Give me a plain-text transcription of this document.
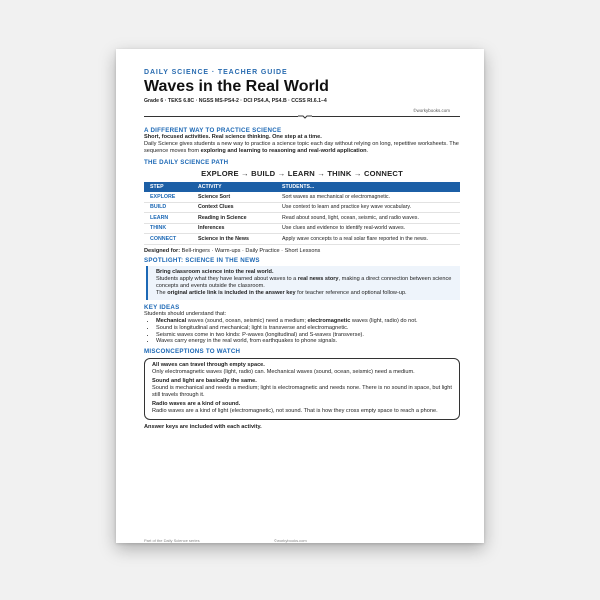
DAILY SCIENCE · TEACHER GUIDE
Waves in the Real World
Grade 6 · TEKS 6.8C · NGSS MS-PS4-2 · DCI PS4.A, PS4.B · CCSS RI.6.1–4
©workybooks.com

A DIFFERENT WAY TO PRACTICE SCIENCE

Short, focused activities. Real science thinking. One step at a time.

Daily Science gives students a new way to practice a science topic each day without relying on long, repetitive worksheets. The sequence moves from exploring and learning to reasoning and real-world application.

THE DAILY SCIENCE PATH

EXPLORE → BUILD → LEARN → THINK → CONNECT
STEP	ACTIVITY	STUDENTS...
EXPLORE	Science Sort	Sort waves as mechanical or electromagnetic.
BUILD	Context Clues	Use context to learn and practice key wave vocabulary.
LEARN	Reading in Science	Read about sound, light, ocean, seismic, and radio waves.
THINK	Inferences	Use clues and evidence to identify real-world waves.
CONNECT	Science in the News	Apply wave concepts to a real solar flare reported in the news.

Designed for: Bell-ringers · Warm-ups · Daily Practice · Short Lessons

SPOTLIGHT: SCIENCE IN THE NEWS

Bring classroom science into the real world.

Students apply what they have learned about waves to a real news story, making a direct connection between science concepts and events outside the classroom.

The original article link is included in the answer key for teacher reference and optional follow-up.

KEY IDEAS

Students should understand that:

• Mechanical waves (sound, ocean, seismic) need a medium; electromagnetic waves (light, radio) do not.
• Sound is longitudinal and mechanical; light is transverse and electromagnetic.
• Seismic waves come in two kinds: P-waves (longitudinal) and S-waves (transverse).
• Waves carry energy in the real world, from earthquakes to phone signals.

MISCONCEPTIONS TO WATCH

All waves can travel through empty space.

Only electromagnetic waves (light, radio) can. Mechanical waves (sound, ocean, seismic) need a medium.

Sound and light are basically the same.

Sound is mechanical and needs a medium; light is electromagnetic and needs none. There is no sound in space, but light still travels through it.

Radio waves are a kind of sound.

Radio waves are a kind of light (electromagnetic), not sound. That is how they cross empty space to reach a phone.

Answer keys are included with each activity.

Part of the Daily Science series	©workybooks.com
